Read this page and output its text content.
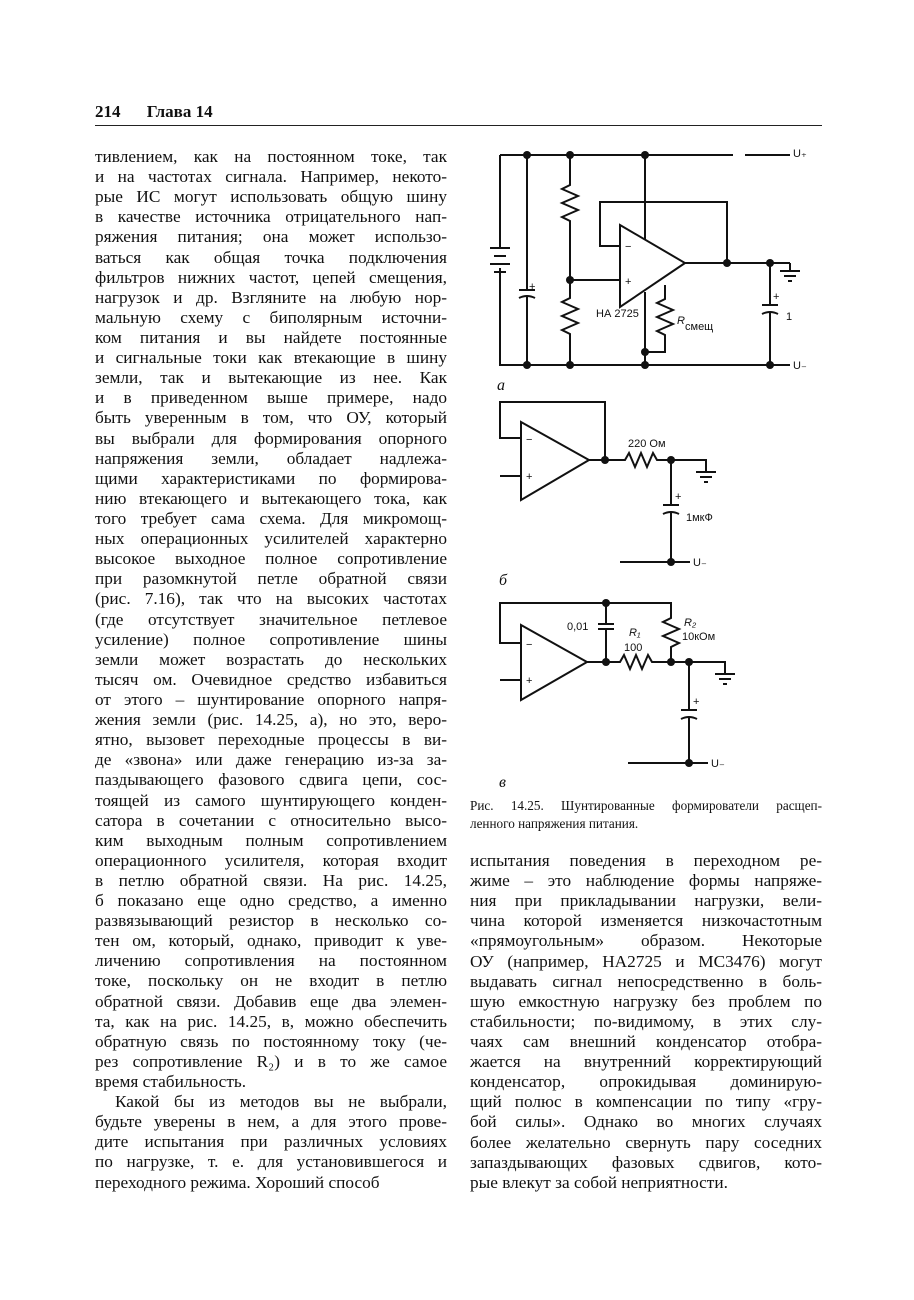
214 Глава 14
тивлением, как на постоянном токе, так
и на частотах сигнала. Например, некото-
рые ИС могут использовать общую шину
в качестве источника отрицательного нап-
ряжения питания; она может использо-
ваться как общая точка подключения
фильтров нижних частот, цепей смещения,
нагрузок и др. Взгляните на любую нор-
мальную схему с биполярным источни-
ком питания и вы найдете постоянные
и сигнальные токи как втекающие в шину
земли, так и вытекающие из нее. Как
и в приведенном выше примере, надо
быть уверенным в том, что ОУ, который
вы выбрали для формирования опорного
напряжения земли, обладает надлежа-
щими характеристиками по формирова-
нию втекающего и вытекающего тока, как
того требует сама схема. Для микромощ-
ных операционных усилителей характерно
высокое выходное полное сопротивление
при разомкнутой петле обратной связи
(рис. 7.16), так что на высоких частотах
(где отсутствует значительное петлевое
усиление) полное сопротивление шины
земли может возрастать до нескольких
тысяч ом. Очевидное средство избавиться
от этого – шунтирование опорного напря-
жения земли (рис. 14.25, а), но это, веро-
ятно, вызовет переходные процессы в ви-
де «звона» или даже генерацию из-за за-
паздывающего фазового сдвига цепи, сос-
тоящей из самого шунтирующего конден-
сатора в сочетании с относительно высо-
ким выходным полным сопротивлением
операционного усилителя, которая входит
в петлю обратной связи. На рис. 14.25,
б показано еще одно средство, а именно
развязывающий резистор в несколько со-
тен ом, который, однако, приводит к уве-
личению сопротивления на постоянном
токе, поскольку он не входит в петлю
обратной связи. Добавив еще два элемен-
та, как на рис. 14.25, в, можно обеспечить
обратную связь по постоянному току (че-
рез сопротивление R₂) и в то же самое
время стабильность.
Какой бы из методов вы не выбрали,
будьте уверены в нем, а для этого прове-
дите испытания при различных условиях
по нагрузке, т. е. для установившегося и
переходного режима. Хороший способ
испытания поведения в переходном ре-
жиме – это наблюдение формы напряже-
ния при прикладывании нагрузки, вели-
чина которой изменяется низкочастотным
«прямоугольным» образом. Некоторые
ОУ (например, НА2725 и МС3476) могут
выдавать сигнал непосредственно в боль-
шую емкостную нагрузку без проблем по
стабильности; по-видимому, в этих слу-
чаях сам внешний конденсатор отобра-
жается на внутренний корректирующий
конденсатор, опрокидывая доминирую-
щий полюс в компенсации по типу «гру-
бой силы». Однако во многих случаях
более желательно свернуть пару соседних
запаздывающих фазовых сдвигов, кото-
рые влекут за собой неприятности.
−
+
+
+
U₊
U₋
НА 2725
R смещ
1
а
−
+
+
220 Ом
1мкФ
U₋
б
−
+
+
0,01	R₁
100
R₂
10кОм
U₋
в
Рис. 14.25. Шунтированные формирователи расщеп-
ленного напряжения питания.
